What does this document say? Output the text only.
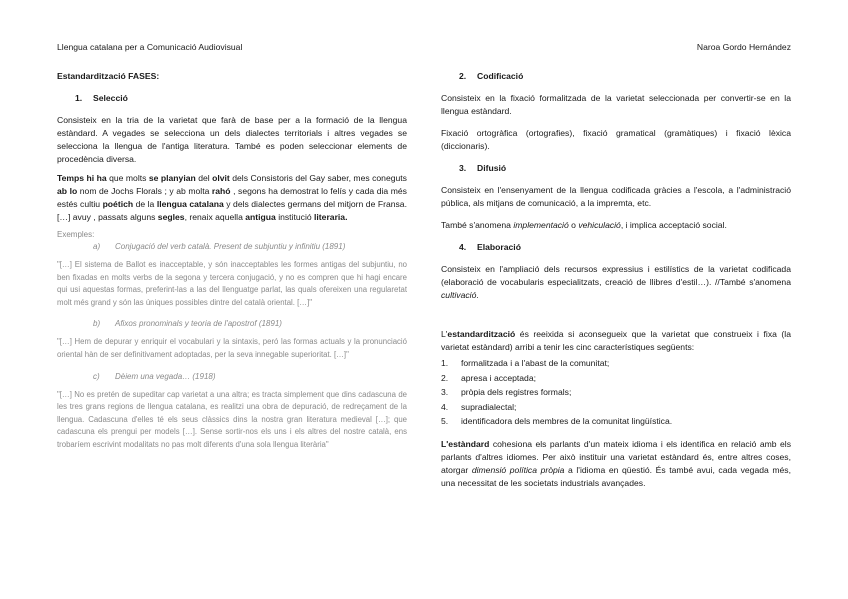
Llengua catalana per a Comunicació Audiovisual	Naroa Gordo Hernández
Estandardització FASES:
1. Selecció

Consisteix en la tria de la varietat que farà de base per a la formació de la llengua estàndard. A vegades se selecciona un dels dialectes territorials i altres vegades se selecciona la llengua de l'antiga literatura. També es poden seleccionar elements de procedència diversa.

Temps hi ha que molts se planyian del olvit dels Consistoris del Gay saber, mes coneguts ab lo nom de Jochs Florals ; y ab molta rahó , segons ha demostrat lo felís y cada dia més estés cultiu poétich de la llengua catalana y dels dialectes germans del mitjorn de Fransa. […] avuy , passats alguns segles, renaix aquella antigua institució literaria.

Exemples:
a) Conjugació del verb català. Present de subjuntiu y infinitiu (1891)

"[…] El sistema de Ballot es inacceptable, y són inacceptables les formes antigas del subjuntiu, no ben fixadas en molts verbs de la segona y tercera conjugació, y no es compren que hi hagi encare qui usi aquestas formas, preferint-las a las del llenguatge parlat, las quals ofereixen una regularetat molt més grand y són las úniques possibles dintre del català oriental. […]"

b) Afixos pronominals y teoria de l'apostrof (1891)

"[…] Hem de depurar y enriquir el vocabulari y la sintaxis, peró las formas actuals y la pronunciació oriental hàn de ser definitivament adoptadas, per la seva innegable superioritat. […]"

c) Dèiem una vegada… (1918)

"[…] No es pretén de supeditar cap varietat a una altra; es tracta simplement que dins cadascuna de les tres grans regions de llengua catalana, es realitzi una obra de depuració, de redreçament de la llengua. Cadascuna d'elles té els seus clàssics dins la nostra gran literatura medieval […]; que cadascuna els prengui per models […]. Sense sortir-nos els uns i els altres del nostre català, ens trobaríem escrivint modalitats no pas molt diferents d'una sola llengua literària"

2. Codificació

Consisteix en la fixació formalitzada de la varietat seleccionada per convertir-se en la llengua estàndard.

Fixació ortogràfica (ortografies), fixació gramatical (gramàtiques) i fixació lèxica (diccionaris).

3. Difusió

Consisteix en l'ensenyament de la llengua codificada gràcies a l'escola, a l'administració pública, als mitjans de comunicació, a la impremta, etc.

També s'anomena implementació o vehiculació, i implica acceptació social.

4. Elaboració

Consisteix en l'ampliació dels recursos expressius i estilístics de la varietat codificada (elaboració de vocabularis especialitzats, creació de llibres d'estil…). //També s'anomena cultivació.

L'estandardització és reeixida si aconsegueix que la varietat que construeix i fixa (la varietat estàndard) arribi a tenir les cinc característiques següents:

1.	formalitzada i a l'abast de la comunitat;
2.	apresa i acceptada;
3.	pròpia dels registres formals;
4.	supradialectal;
5.	identificadora dels membres de la comunitat lingüística.

L'estàndard cohesiona els parlants d'un mateix idioma i els identifica en relació amb els parlants d'altres idiomes. Per això instituir una varietat estàndard és, entre altres coses, atorgar dimensió política pròpia a l'idioma en qüestió. És també avui, cada vegada més, una necessitat de les societats industrials avançades.
